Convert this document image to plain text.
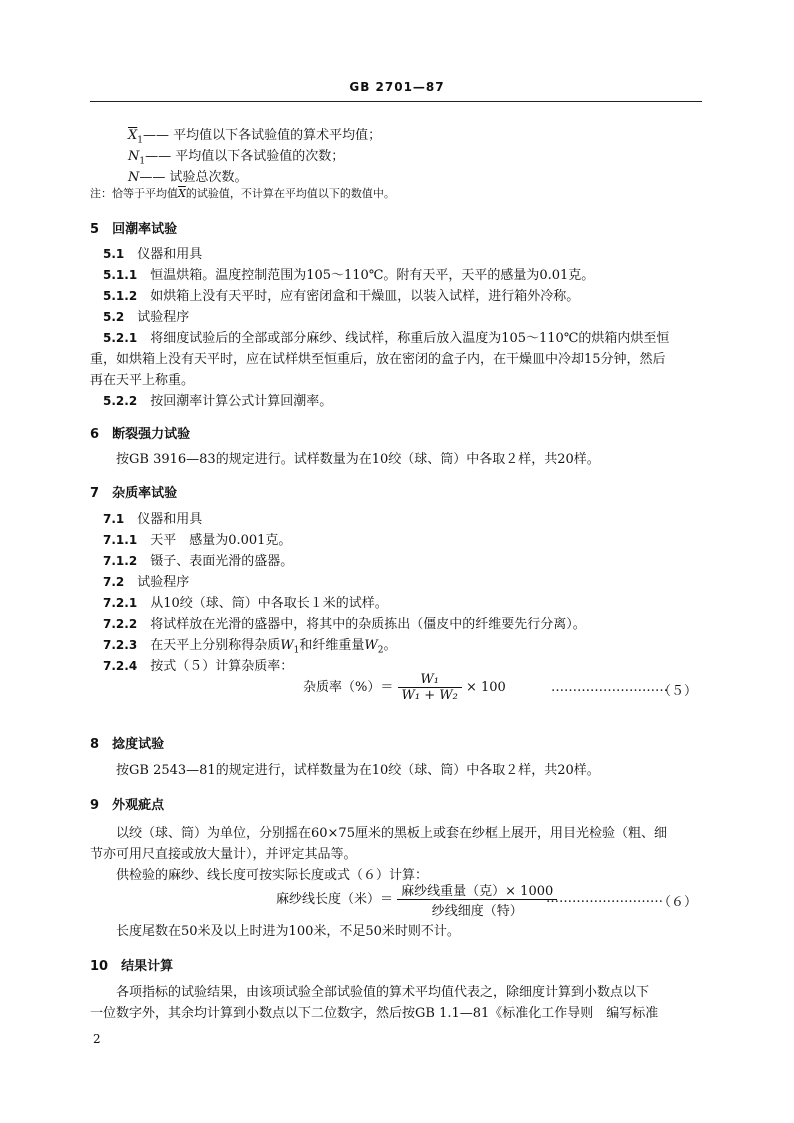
GB 2701—87
$\overline{X}_1——$ 平均值以下各试验值的算术平均值；
$N_1——$ 平均值以下各试验值的次数；
N—— 试验总次数。
注：恰等于平均值$\overline{X}$的试验值，不计算在平均值以下的数值中。
5　 回潮率试验
5.1　 仪器和用具
5.1.1　 恒温烘箱。温度控制范围为105～110℃。附有天平，天平的感量为0.01克。
5.1.2　 如烘箱上没有天平时，应有密闭盒和干燥皿，以装入试样，进行箱外冷称。
5.2　 试验程序
5.2.1　 将细度试验后的全部或部分麻纱、线试样，称重后放入温度为105～110℃的烘箱内烘至恒
重，如烘箱上没有天平时，应在试样烘至恒重后，放在密闭的盒子内，在干燥皿中冷却15分钟，然后
再在天平上称重。
5.2.2　 按回潮率计算公式计算回潮率。
6　 断裂强力试验
按GB 3916—83的规定进行。试样数量为在10绞（球、筒）中各取２样，共20样。
7　 杂质率试验
7.1　 仪器和用具
7.1.1　 天平　感量为0.001克。
7.1.2　 镊子、表面光滑的盛器。
7.2　 试验程序
7.2.1　 从10绞（球、筒）中各取长１米的试样。
7.2.2　 将试样放在光滑的盛器中，将其中的杂质拣出（僵皮中的纤维要先行分离）。
7.2.3　 在天平上分别称得杂质$W_1$和纤维重量$W_2$。
7.2.4　 按式（５）计算杂质率：
杂质率（%）＝ $\frac{\text{W₁}}{\text{W₁ + W₂}} \times 100$	………………………
（５）
8　 捻度试验
按GB 2543—81的规定进行，试样数量为在10绞（球、筒）中各取２样，共20样。
9　 外观疵点
以绞（球、筒）为单位，分别摇在60×75厘米的黑板上或套在纱框上展开，用目光检验（粗、细
节亦可用尺直接或放大量计），并评定其品等。
供检验的麻纱、线长度可按实际长度或式（６）计算：
麻纱线长度（米）＝ $\frac{\text{麻纱线重量（克）× 1000}}{\text{纱线细度（特）}}$
………………………
（６）
长度尾数在50米及以上时进为100米，不足50米时则不计。
10　 结果计算
各项指标的试验结果，由该项试验全部试验值的算术平均值代表之，除细度计算到小数点以下
一位数字外，其余均计算到小数点以下二位数字，然后按GB 1.1—81《标准化工作导则　编写标准
2
